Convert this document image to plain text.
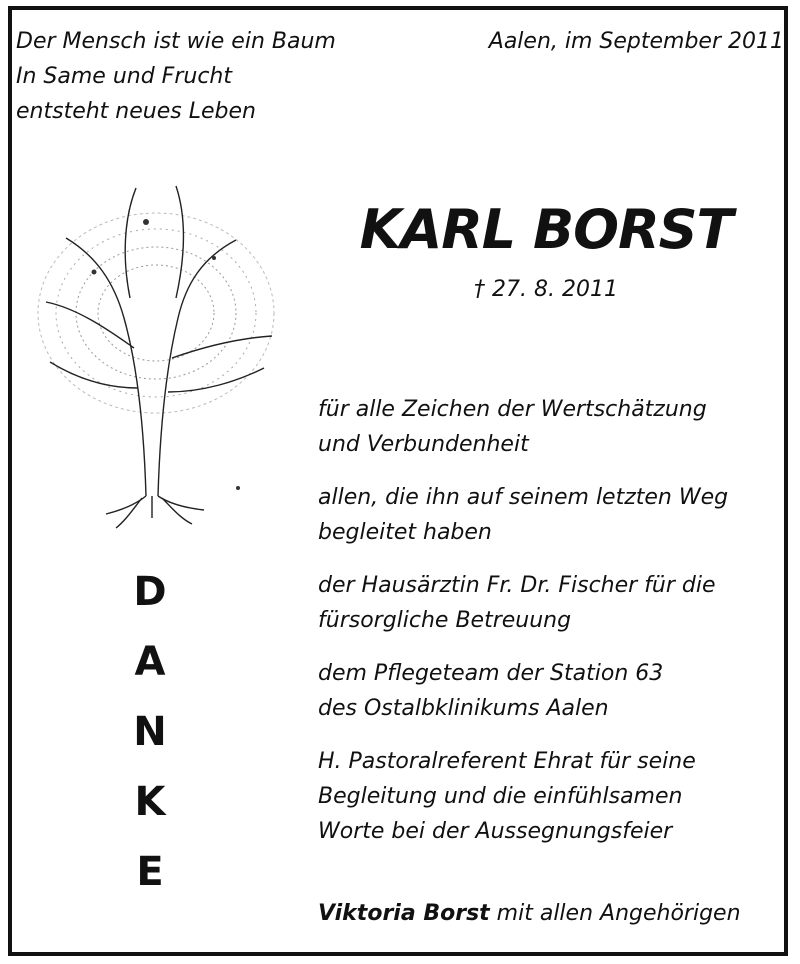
Der Mensch ist wie ein Baum
In Same und Frucht
entsteht neues Leben
Aalen, im September 2011
KARL BORST
† 27. 8. 2011
D
A
N
K
E
für alle Zeichen der Wertschätzung
und Verbundenheit
allen, die ihn auf seinem letzten Weg
begleitet haben
der Hausärztin Fr. Dr. Fischer für die
fürsorgliche Betreuung
dem Pflegeteam der Station 63
des Ostalbklinikums Aalen
H. Pastoralreferent Ehrat für seine
Begleitung und die einfühlsamen
Worte bei der Aussegnungsfeier
Viktoria Borst mit allen Angehörigen
